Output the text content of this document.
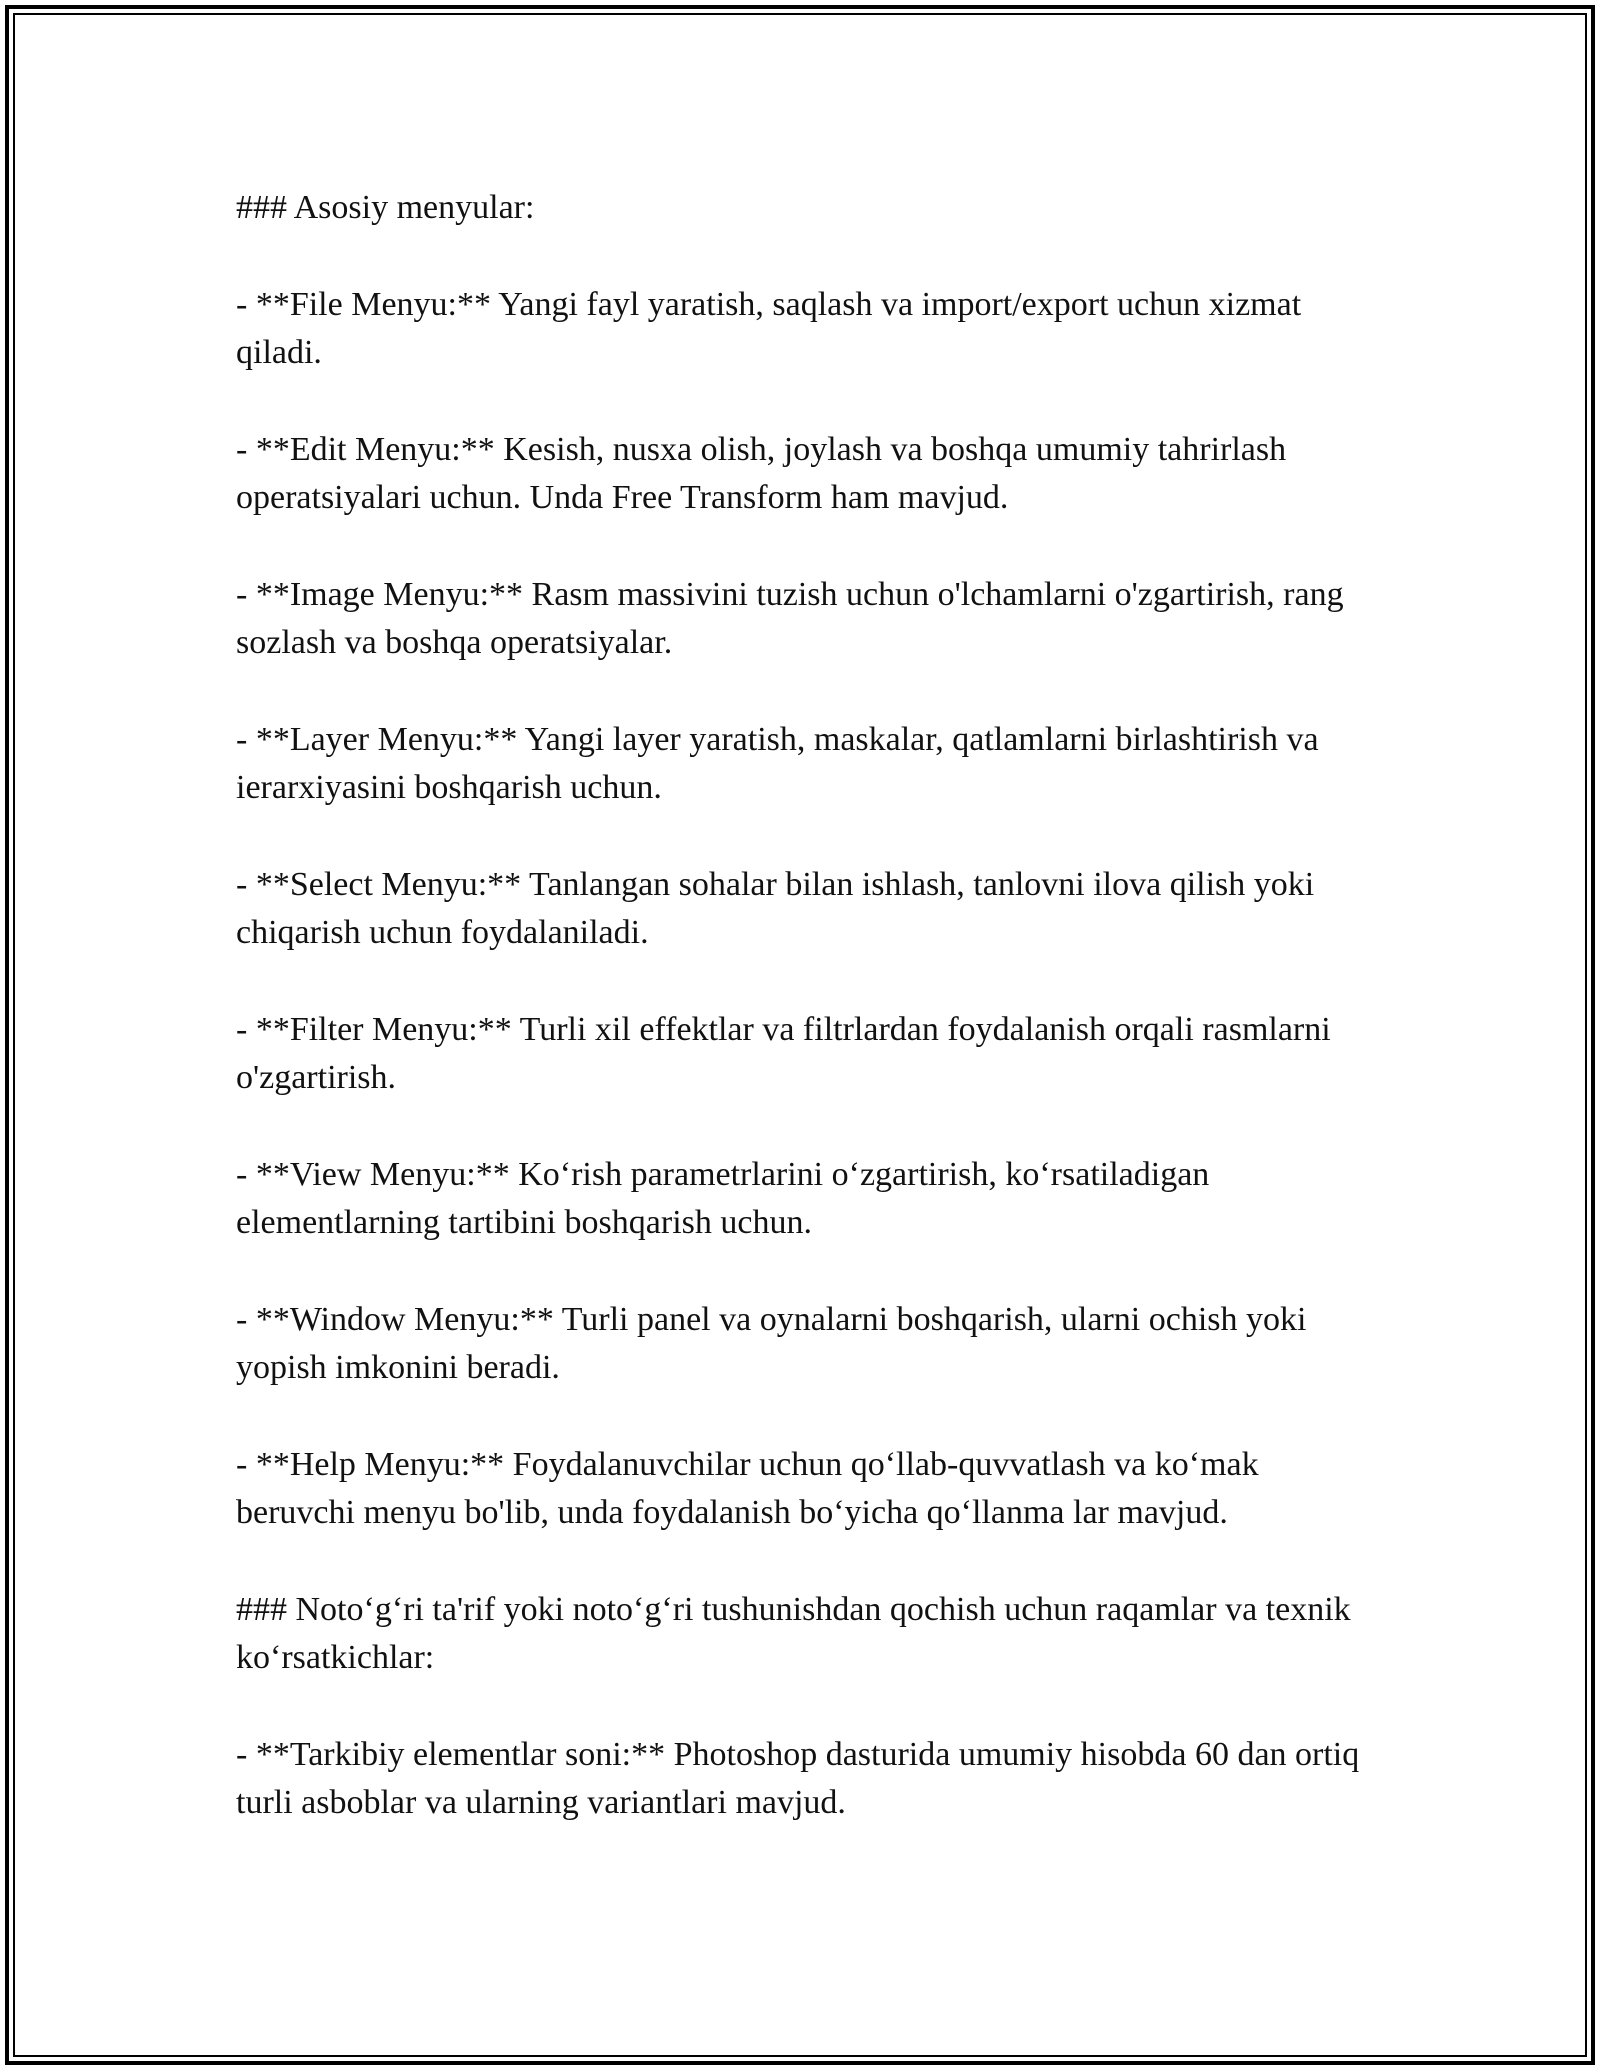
### Asosiy menyular:

- **File Menyu:** Yangi fayl yaratish, saqlash va import/export uchun xizmat qiladi.

- **Edit Menyu:** Kesish, nusxa olish, joylash va boshqa umumiy tahrirlash operatsiyalari uchun. Unda Free Transform ham mavjud.

- **Image Menyu:** Rasm massivini tuzish uchun o'lchamlarni o'zgartirish, rang sozlash va boshqa operatsiyalar.

- **Layer Menyu:** Yangi layer yaratish, maskalar, qatlamlarni birlashtirish va ierarxiyasini boshqarish uchun.

- **Select Menyu:** Tanlangan sohalar bilan ishlash, tanlovni ilova qilish yoki chiqarish uchun foydalaniladi.

- **Filter Menyu:** Turli xil effektlar va filtrlardan foydalanish orqali rasmlarni o'zgartirish.

- **View Menyu:** Koʻrish parametrlarini oʻzgartirish, koʻrsatiladigan elementlarning tartibini boshqarish uchun.

- **Window Menyu:** Turli panel va oynalarni boshqarish, ularni ochish yoki yopish imkonini beradi.

- **Help Menyu:** Foydalanuvchilar uchun qoʻllab-quvvatlash va koʻmak beruvchi menyu bo'lib, unda foydalanish boʻyicha qoʻllanma lar mavjud.

### Notoʻgʻri ta'rif yoki notoʻgʻri tushunishdan qochish uchun raqamlar va texnik koʻrsatkichlar:

- **Tarkibiy elementlar soni:** Photoshop dasturida umumiy hisobda 60 dan ortiq turli asboblar va ularning variantlari mavjud.
